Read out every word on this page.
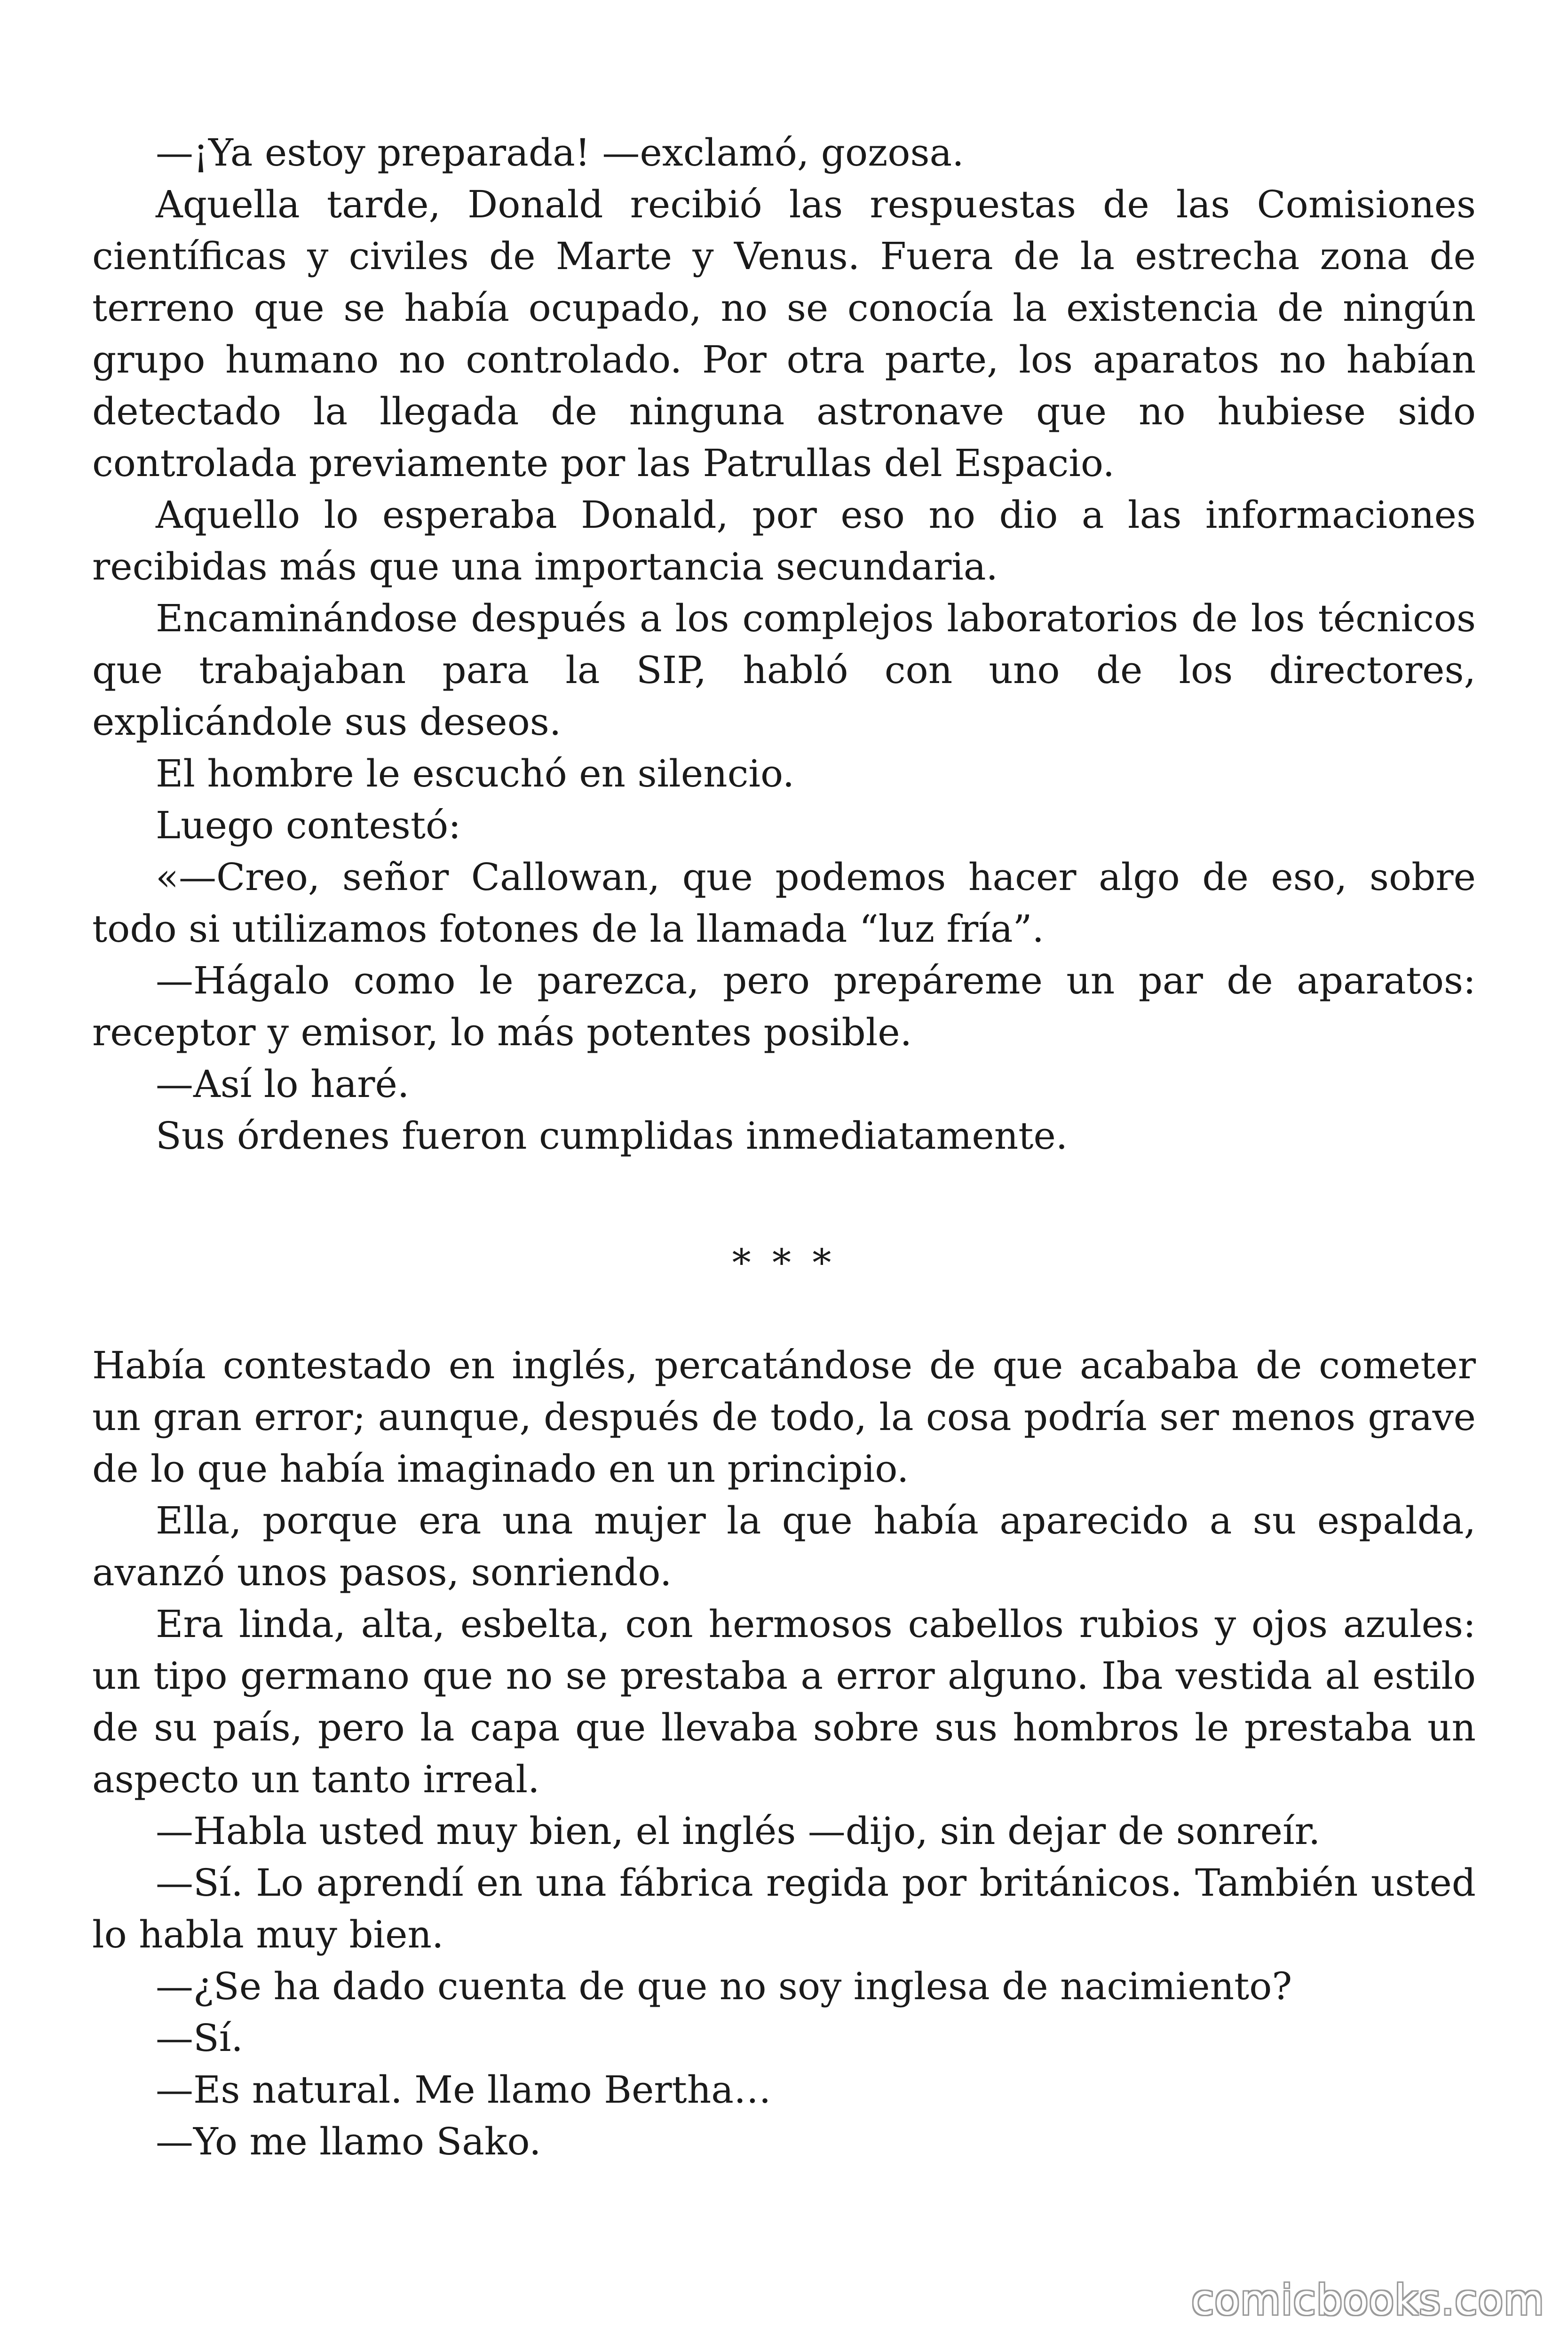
—¡Ya estoy preparada! —exclamó, gozosa.

Aquella tarde, Donald recibió las respuestas de las Comisiones científicas y civiles de Marte y Venus. Fuera de la estrecha zona de terreno que se había ocupado, no se conocía la existencia de ningún grupo humano no controlado. Por otra parte, los aparatos no habían detectado la llegada de ninguna astronave que no hubiese sido controlada previamente por las Patrullas del Espacio.

Aquello lo esperaba Donald, por eso no dio a las informaciones recibidas más que una importancia secundaria.

Encaminándose después a los complejos laboratorios de los técnicos que trabajaban para la SIP, habló con uno de los directores, explicándole sus deseos.

El hombre le escuchó en silencio.

Luego contestó:

«—Creo, señor Callowan, que podemos hacer algo de eso, sobre todo si utilizamos fotones de la llamada “luz fría”.

—Hágalo como le parezca, pero prepáreme un par de aparatos: receptor y emisor, lo más potentes posible.

—Así lo haré.

Sus órdenes fueron cumplidas inmediatamente.

* * *

Había contestado en inglés, percatándose de que acababa de cometer un gran error; aunque, después de todo, la cosa podría ser menos grave de lo que había imaginado en un principio.

Ella, porque era una mujer la que había aparecido a su espalda, avanzó unos pasos, sonriendo.

Era linda, alta, esbelta, con hermosos cabellos rubios y ojos azules: un tipo germano que no se prestaba a error alguno. Iba vestida al estilo de su país, pero la capa que llevaba sobre sus hombros le prestaba un aspecto un tanto irreal.

—Habla usted muy bien, el inglés —dijo, sin dejar de sonreír.

—Sí. Lo aprendí en una fábrica regida por británicos. También usted lo habla muy bien.

—¿Se ha dado cuenta de que no soy inglesa de nacimiento?

—Sí.

—Es natural. Me llamo Bertha…

—Yo me llamo Sako.

comicbooks.com
